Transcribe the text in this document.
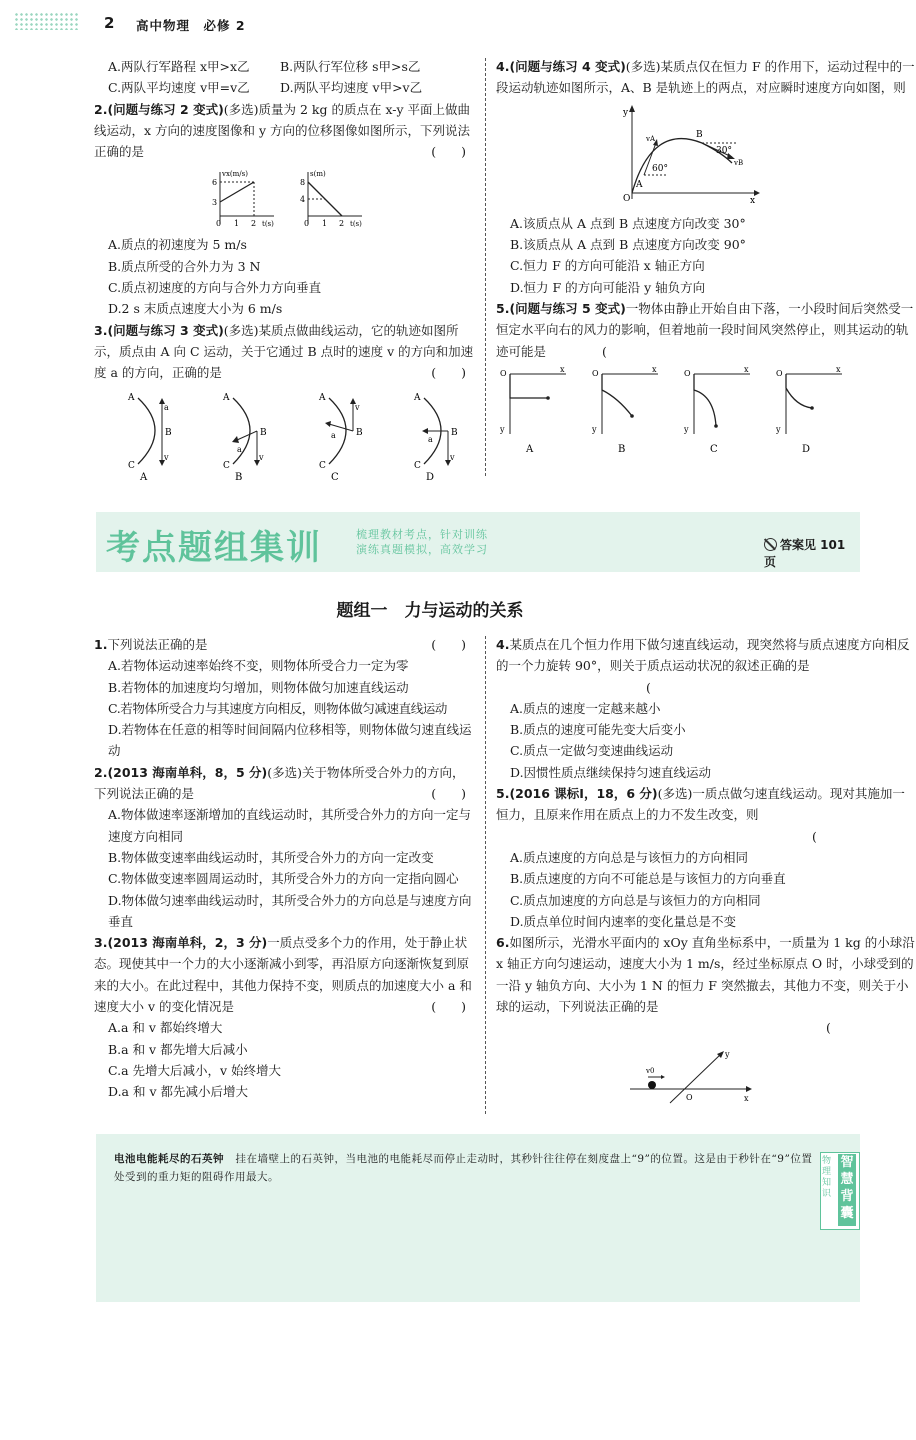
2 高中物理　必修 2
A.两队行军路程 x甲>x乙	B.两队行军位移 s甲>s乙
C.两队平均速度 v甲=v乙	D.两队平均速度 v甲>v乙

2.(问题与练习 2 变式)(多选)质量为 2 kg 的质点在 x-y 平面上做曲线运动，x 方向的速度图像和 y 方向的位移图像如图所示，下列说法正确的是	(　　)

vx(m/s)
6
3
0 1 2 t(s)
s(m)
8
4
0 1 2 t(s)

A.质点的初速度为 5 m/s

B.质点所受的合外力为 3 N

C.质点初速度的方向与合外力方向垂直

D.2 s 末质点速度大小为 6 m/s

3.(问题与练习 3 变式)(多选)某质点做曲线运动，它的轨迹如图所示，质点由 A 向 C 运动，关于它通过 B 点时的速度 v 的方向和加速度 a 的方向，正确的是	(　　)

A
B
C
a
v
A
A
B
C
a
v
B
A
B
C
a
v
C
A
B
C
a
v
D

4.(问题与练习 4 变式)(多选)某质点仅在恒力 F 的作用下，运动过程中的一段运动轨迹如图所示，A、B 是轨迹上的两点，对应瞬时速度方向如图，则

y
x
O
A
B
vA
vB
60°
30°

A.该质点从 A 点到 B 点速度方向改变 30°

B.该质点从 A 点到 B 点速度方向改变 90°

C.恒力 F 的方向可能沿 x 轴正方向

D.恒力 F 的方向可能沿 y 轴负方向

5.(问题与练习 5 变式)一物体由静止开始自由下落，一小段时间后突然受一恒定水平向右的风力的影响，但着地前一段时间风突然停止，则其运动的轨迹可能是	(

O	x
y
A
O	x
y
B
O	x
y
C
O	x
y
D
考点题组集训	梳理教材考点，针对训练
演练真题模拟，高效学习	答案见 101 页
题组一　力与运动的关系

1.下列说法正确的是	(　　)

A.若物体运动速率始终不变，则物体所受合力一定为零

B.若物体的加速度均匀增加，则物体做匀加速直线运动

C.若物体所受合力与其速度方向相反，则物体做匀减速直线运动

D.若物体在任意的相等时间间隔内位移相等，则物体做匀速直线运动

2.(2013 海南单科，8，5 分)(多选)关于物体所受合外力的方向，下列说法正确的是	(　　)

A.物体做速率逐渐增加的直线运动时，其所受合外力的方向一定与速度方向相同

B.物体做变速率曲线运动时，其所受合外力的方向一定改变

C.物体做变速率圆周运动时，其所受合外力的方向一定指向圆心

D.物体做匀速率曲线运动时，其所受合外力的方向总是与速度方向垂直

3.(2013 海南单科，2，3 分)一质点受多个力的作用，处于静止状态。现使其中一个力的大小逐渐减小到零，再沿原方向逐渐恢复到原来的大小。在此过程中，其他力保持不变，则质点的加速度大小 a 和速度大小 v 的变化情况是	(　　)

A.a 和 v 都始终增大

B.a 和 v 都先增大后减小

C.a 先增大后减小，v 始终增大

D.a 和 v 都先减小后增大

4.某质点在几个恒力作用下做匀速直线运动，现突然将与质点速度方向相反的一个力旋转 90°，则关于质点运动状况的叙述正确的是(

A.质点的速度一定越来越小

B.质点的速度可能先变大后变小

C.质点一定做匀变速曲线运动

D.因惯性质点继续保持匀速直线运动

5.(2016 课标Ⅰ，18，6 分)(多选)一质点做匀速直线运动。现对其施加一恒力，且原来作用在质点上的力不发生改变，则

(

A.质点速度的方向总是与该恒力的方向相同

B.质点速度的方向不可能总是与该恒力的方向垂直

C.质点加速度的方向总是与该恒力的方向相同

D.质点单位时间内速率的变化量总是不变

6.如图所示，光滑水平面内的 xOy 直角坐标系中，一质量为 1 kg 的小球沿 x 轴正方向匀速运动，速度大小为 1 m/s，经过坐标原点 O 时，小球受到的一沿 y 轴负方向、大小为 1 N 的恒力 F 突然撤去，其他力不变，则关于小球的运动，下列说法正确的是

(

v0
y
x
O
电池电能耗尽的石英钟 挂在墙壁上的石英钟，当电池的电能耗尽而停止走动时，其秒针往往停在刻度盘上“9”的位置。这是由于秒针在“9”位置处受到的重力矩的阻碍作用最大。
物理知识
智慧背囊
